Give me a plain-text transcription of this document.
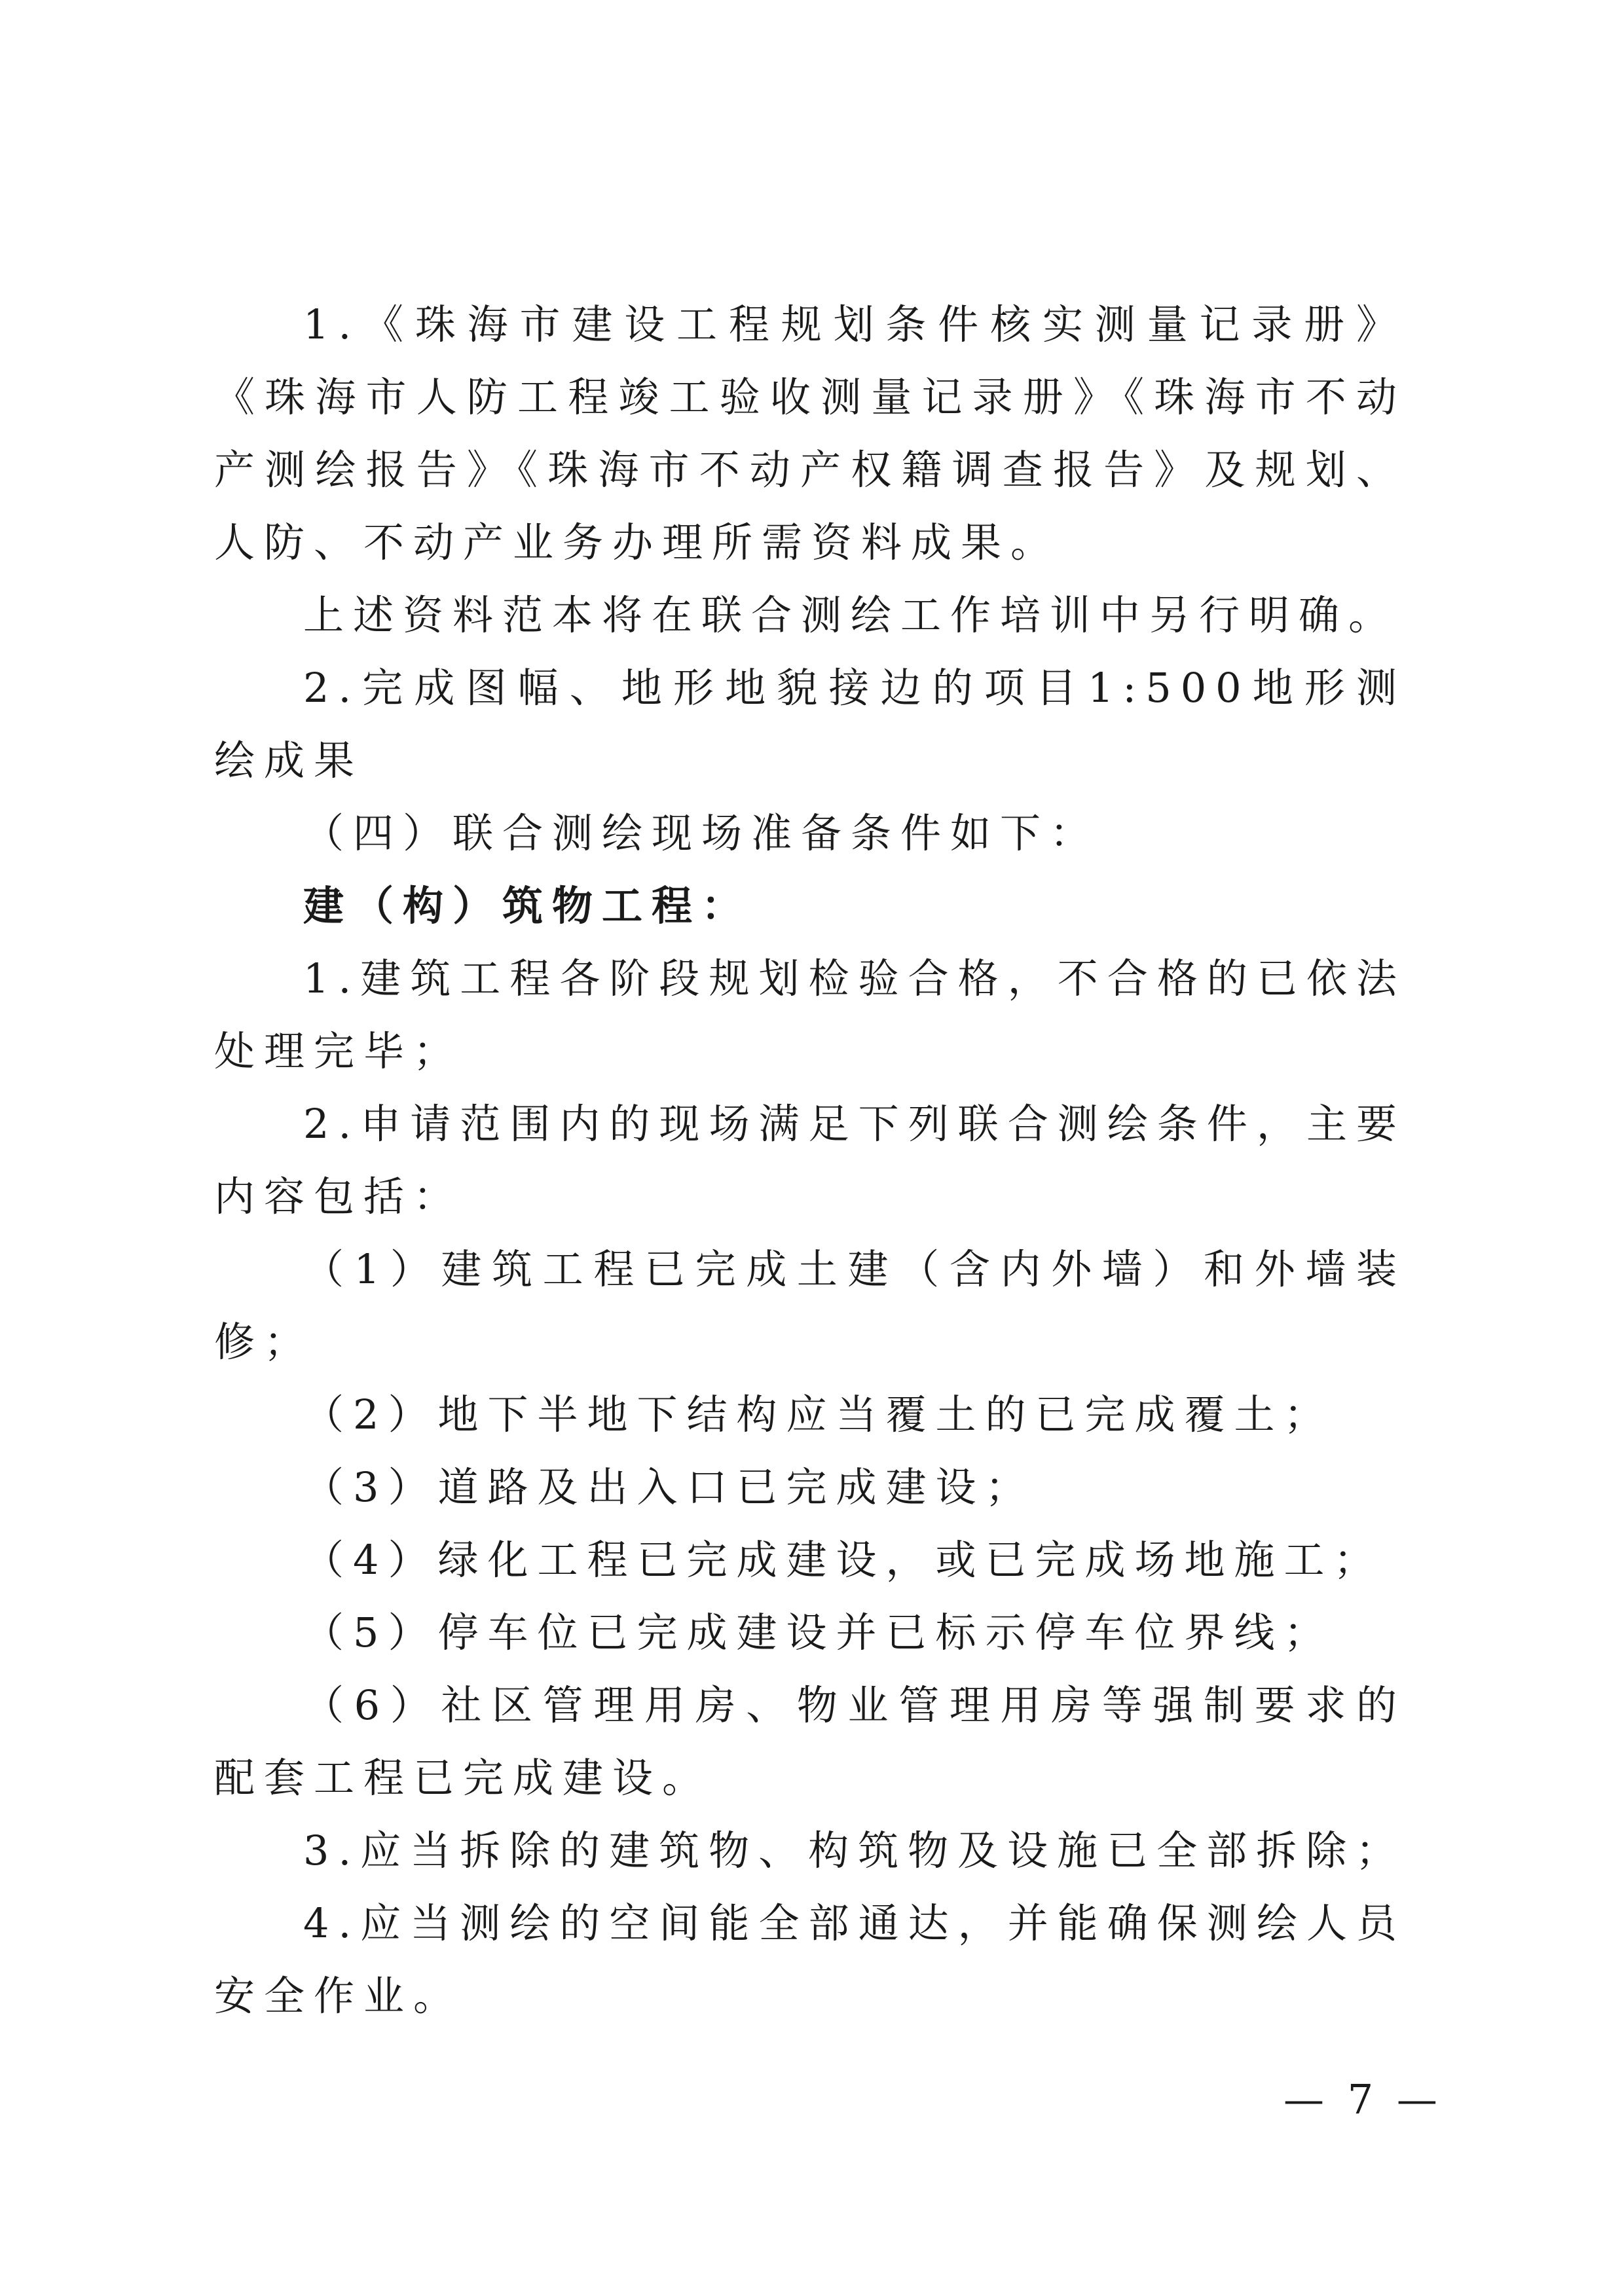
1.《珠海市建设工程规划条件核实测量记录册》《珠海市人防工程竣工验收测量记录册》《珠海市不动产测绘报告》《珠海市不动产权籍调查报告》及规划、人防、不动产业务办理所需资料成果。

上述资料范本将在联合测绘工作培训中另行明确。

2.完成图幅、地形地貌接边的项目1:500地形测绘成果

（四）联合测绘现场准备条件如下：

建（构）筑物工程：

1.建筑工程各阶段规划检验合格，不合格的已依法处理完毕；

2.申请范围内的现场满足下列联合测绘条件，主要内容包括：

（1）建筑工程已完成土建（含内外墙）和外墙装修；

（2）地下半地下结构应当覆土的已完成覆土；

（3）道路及出入口已完成建设；

（4）绿化工程已完成建设，或已完成场地施工；

（5）停车位已完成建设并已标示停车位界线；

（6）社区管理用房、物业管理用房等强制要求的配套工程已完成建设。

3.应当拆除的建筑物、构筑物及设施已全部拆除；

4.应当测绘的空间能全部通达，并能确保测绘人员安全作业。

— 7 —
